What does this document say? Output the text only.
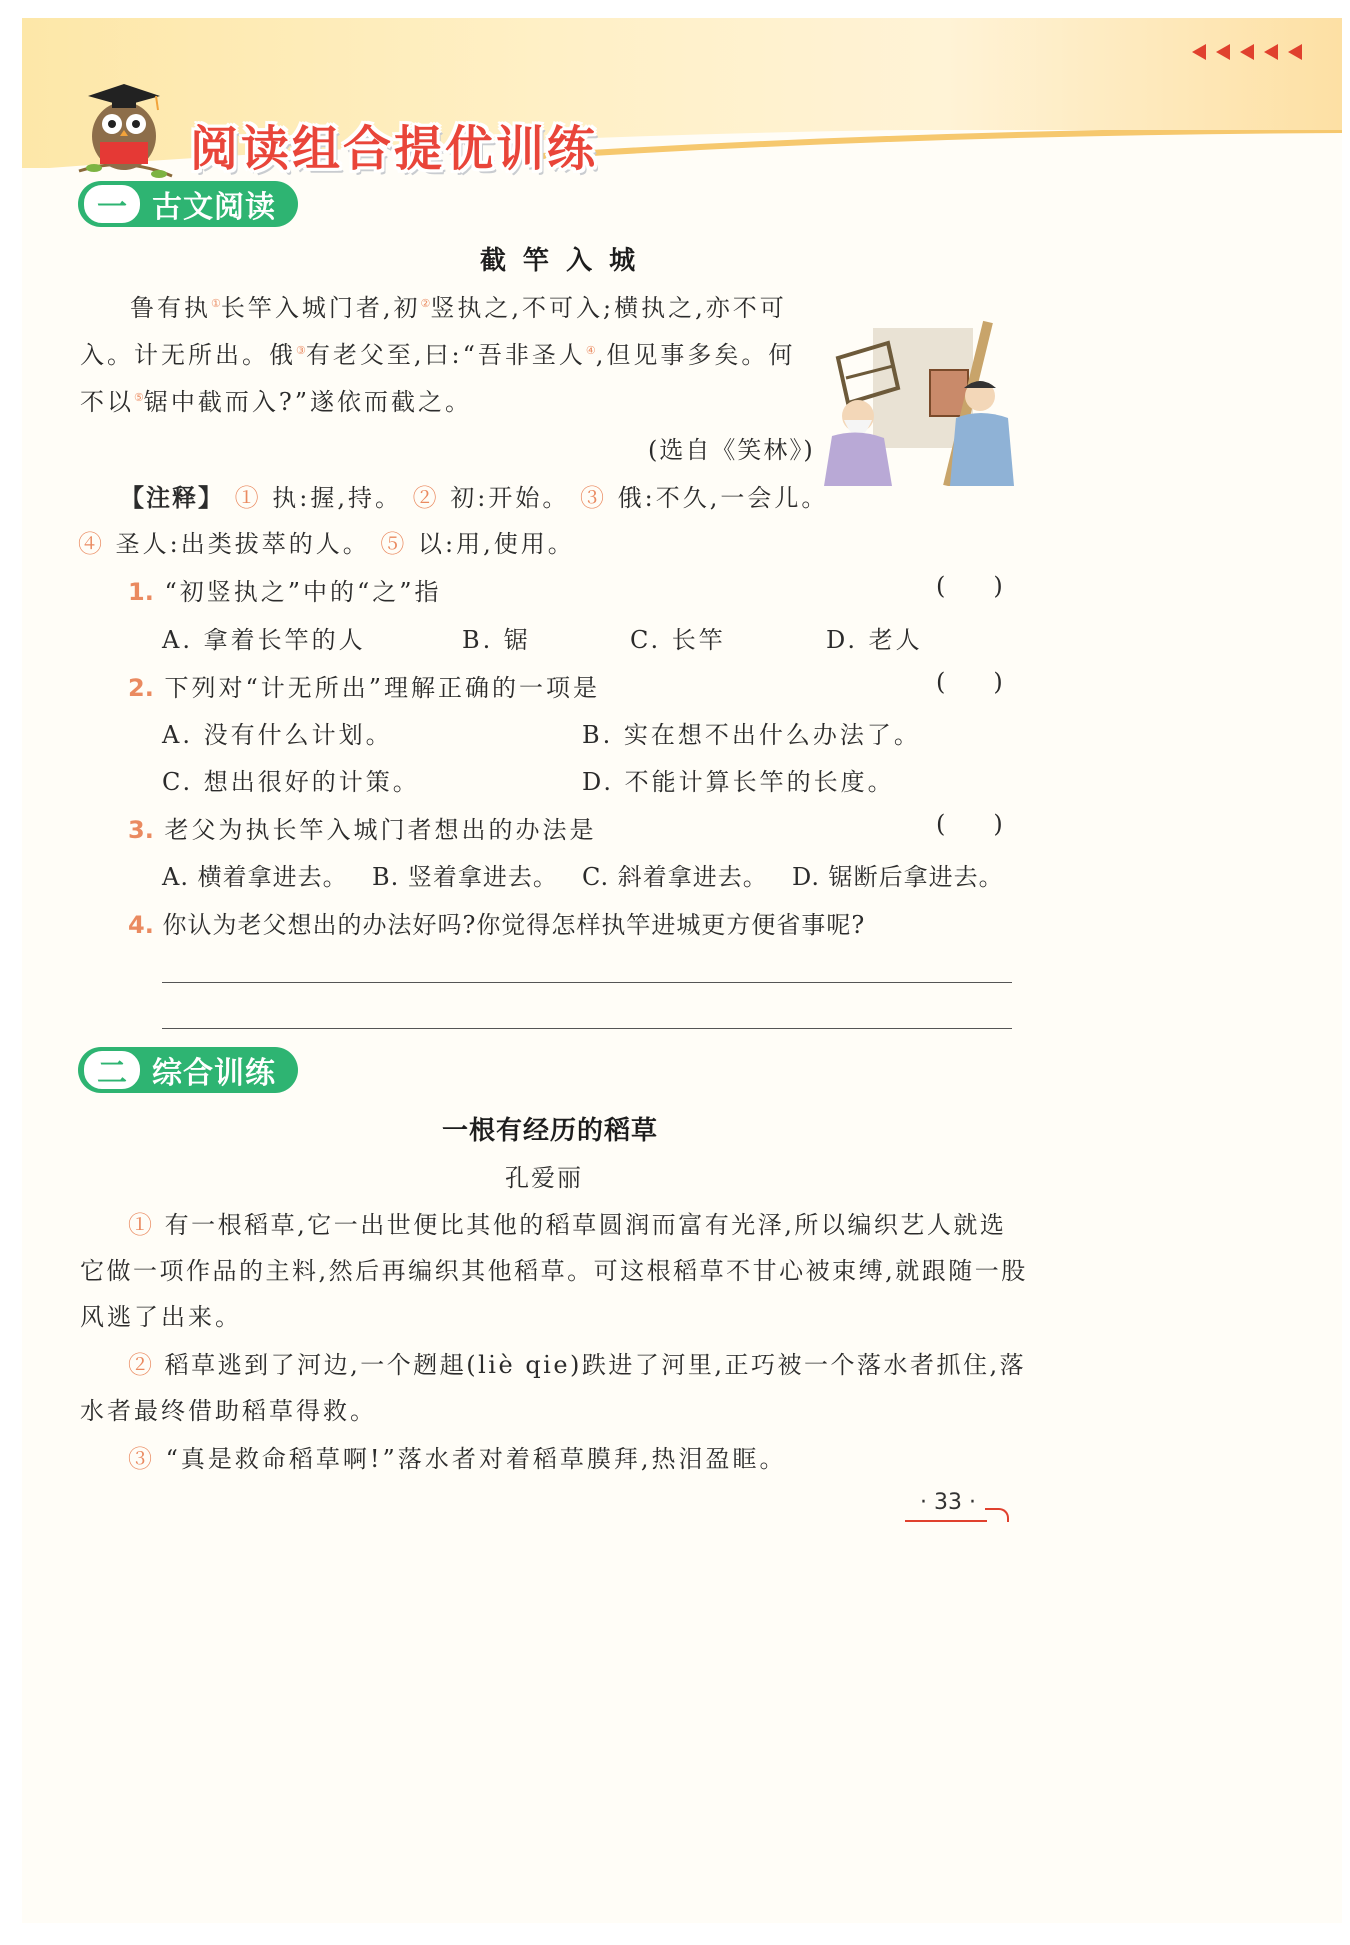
阅读组合提优训练
一 古文阅读
截 竿 入 城
鲁有执①长竿入城门者,初②竖执之,不可入;横执之,亦不可
入。计无所出。俄③有老父至,曰:“吾非圣人④,但见事多矣。何
不以⑤锯中截而入?”遂依而截之。
(选自《笑林》)
【注释】 ① 执:握,持。 ② 初:开始。 ③ 俄:不久,一会儿。
④ 圣人:出类拔萃的人。 ⑤ 以:用,使用。
1. “初竖执之”中的“之”指	()
A. 拿着长竿的人	B. 锯	C. 长竿	D. 老人
2. 下列对“计无所出”理解正确的一项是	()
A. 没有什么计划。	B. 实在想不出什么办法了。
C. 想出很好的计策。	D. 不能计算长竿的长度。
3. 老父为执长竿入城门者想出的办法是	()
A. 横着拿进去。 B. 竖着拿进去。 C. 斜着拿进去。 D. 锯断后拿进去。
4. 你认为老父想出的办法好吗?你觉得怎样执竿进城更方便省事呢?
二 综合训练
一根有经历的稻草
孔爱丽
① 有一根稻草,它一出世便比其他的稻草圆润而富有光泽,所以编织艺人就选
它做一项作品的主料,然后再编织其他稻草。可这根稻草不甘心被束缚,就跟随一股
风逃了出来。
② 稻草逃到了河边,一个趔趄(liè qie)跌进了河里,正巧被一个落水者抓住,落
水者最终借助稻草得救。
③ “真是救命稻草啊!”落水者对着稻草膜拜,热泪盈眶。
· 33 ·
